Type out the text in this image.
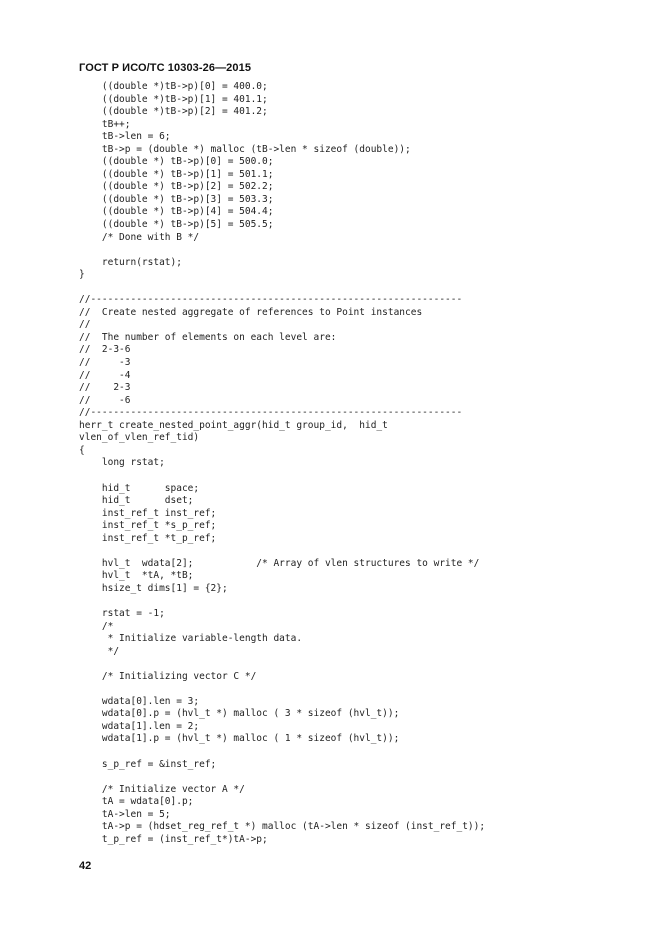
ГОСТ Р ИСО/ТС 10303-26—2015
((double *)tB->p)[0] = 400.0;
((double *)tB->p)[1] = 401.1;
((double *)tB->p)[2] = 401.2;
tB++;
tB->len = 6;
tB->p = (double *) malloc (tB->len * sizeof (double));
((double *) tB->p)[0] = 500.0;
((double *) tB->p)[1] = 501.1;
((double *) tB->p)[2] = 502.2;
((double *) tB->p)[3] = 503.3;
((double *) tB->p)[4] = 504.4;
((double *) tB->p)[5] = 505.5;
/* Done with B */
return(rstat);
}
//-----------------------------------------------------------------
//  Create nested aggregate of references to Point instances
//
//  The number of elements on each level are:
//  2-3-6
//     -3
//     -4
//    2-3
//     -6
//-----------------------------------------------------------------
herr_t create_nested_point_aggr(hid_t group_id,  hid_t
vlen_of_vlen_ref_tid)
{
long rstat;
hid_t      space;
hid_t      dset;
inst_ref_t inst_ref;
inst_ref_t *s_p_ref;
inst_ref_t *t_p_ref;
hvl_t  wdata[2];           /* Array of vlen structures to write */
hvl_t  *tA, *tB;
hsize_t dims[1] = {2};
rstat = -1;
/*
* Initialize variable-length data.
*/
/* Initializing vector C */
wdata[0].len = 3;
wdata[0].p = (hvl_t *) malloc ( 3 * sizeof (hvl_t));
wdata[1].len = 2;
wdata[1].p = (hvl_t *) malloc ( 1 * sizeof (hvl_t));
s_p_ref = &inst_ref;
/* Initialize vector A */
tA = wdata[0].p;
tA->len = 5;
tA->p = (hdset_reg_ref_t *) malloc (tA->len * sizeof (inst_ref_t));
t_p_ref = (inst_ref_t*)tA->p;
42
